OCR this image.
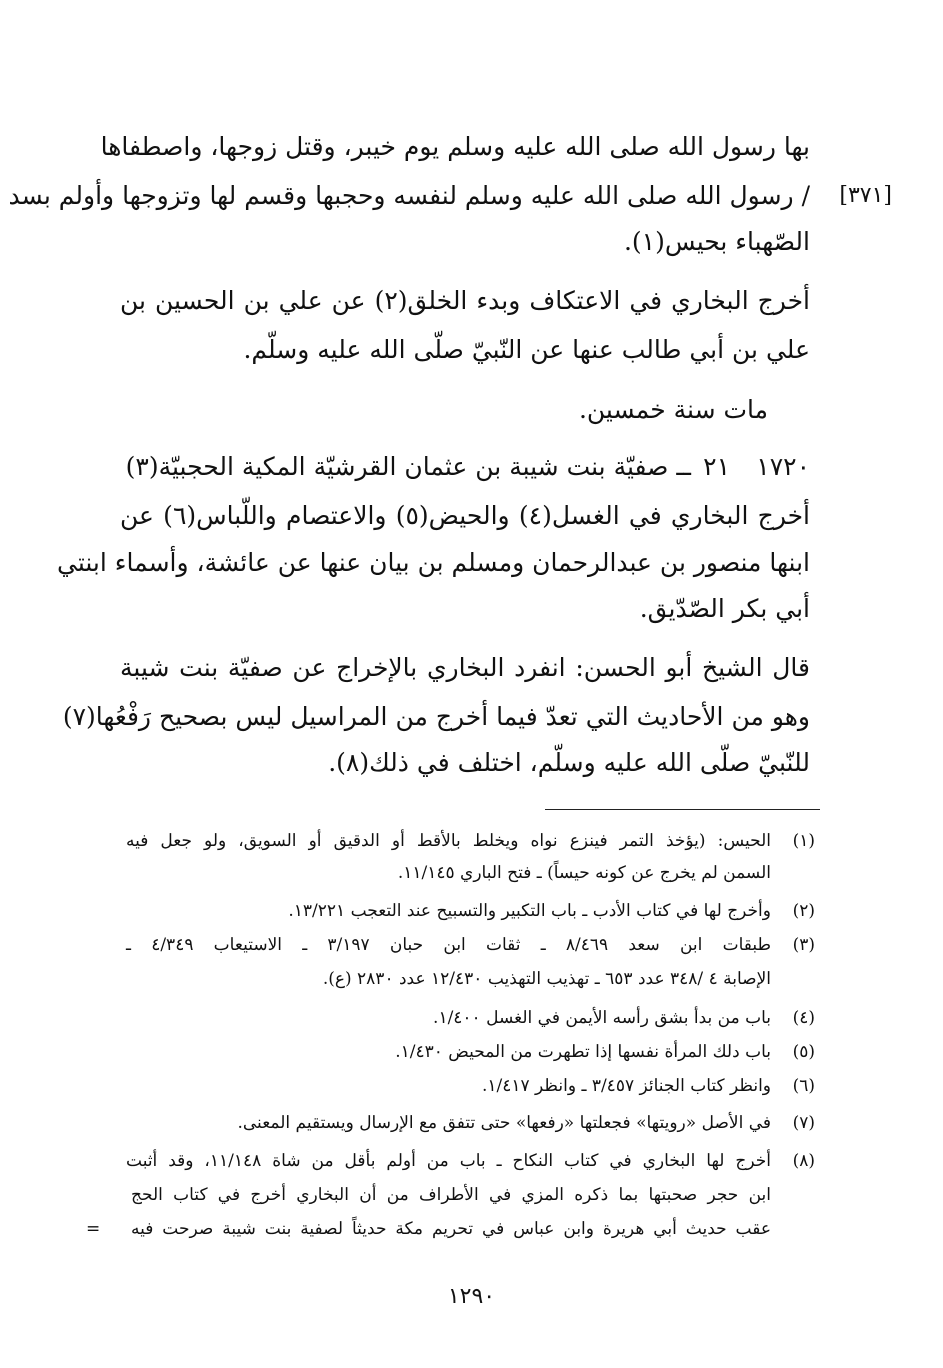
بها رسول الله صلى الله عليه وسلم يوم خيبر، وقتل زوجها، واصطفاها
[٣٧١]
/ رسول الله صلى الله عليه وسلم لنفسه وحجبها وقسم لها وتزوجها وأولم بسد
الصّهباء بحيس(١).
أخرج البخاري في الاعتكاف وبدء الخلق(٢) عن علي بن الحسين بن
علي بن أبي طالب عنها عن النّبيّ صلّى الله عليه وسلّم.
مات سنة خمسين.
١٧٢٠
٢١
ــ صفيّة بنت شيبة بن عثمان القرشيّة المكية الحجبيّة(٣)
أخرج البخاري في الغسل(٤) والحيض(٥) والاعتصام واللّباس(٦) عن
ابنها منصور بن عبدالرحمان ومسلم بن بيان عنها عن عائشة، وأسماء ابنتي
أبي بكر الصّدّيق.
قال الشيخ أبو الحسن: انفرد البخاري بالإخراج عن صفيّة بنت شيبة
وهو من الأحاديث التي تعدّ فيما أخرج من المراسيل ليس بصحيح رَفْعُها(٧)
للنّبيّ صلّى الله عليه وسلّم، اختلف في ذلك(٨).
(١)
الحيس: (يؤخذ التمر فينزع نواه ويخلط بالأقط أو الدقيق أو السويق، ولو جعل فيه
السمن لم يخرج عن كونه حيساً) ـ فتح الباري ١١/١٤٥.
(٢)
وأخرج لها في كتاب الأدب ـ باب التكبير والتسبيح عند التعجب ١٣/٢٢١.
(٣)
طبقات ابن سعد ٨/٤٦٩ ـ ثقات ابن حبان ٣/١٩٧ ـ الاستيعاب ٤/٣٤٩ ـ
الإصابة ٤ /٣٤٨ عدد ٦٥٣ ـ تهذيب التهذيب ١٢/٤٣٠ عدد ٢٨٣٠ (ع).
(٤)
باب من بدأ بشق رأسه الأيمن في الغسل ١/٤٠٠.
(٥)
باب دلك المرأة نفسها إذا تطهرت من المحيض ١/٤٣٠.
(٦)
وانظر كتاب الجنائز ٣/٤٥٧ ـ وانظر ١/٤١٧.
(٧)
في الأصل «رويتها» فجعلتها «رفعها» حتى تتفق مع الإرسال ويستقيم المعنى.
(٨)
أخرج لها البخاري في كتاب النكاح ـ باب من أولم بأقل من شاة ١١/١٤٨، وقد أثبت
ابن حجر صحبتها بما ذكره المزي في الأطراف من أن البخاري أخرج في كتاب الحج
عقب حديث أبي هريرة وابن عباس في تحريم مكة حديثاً لصفية بنت شيبة صرحت فيه
=
١٢٩٠
